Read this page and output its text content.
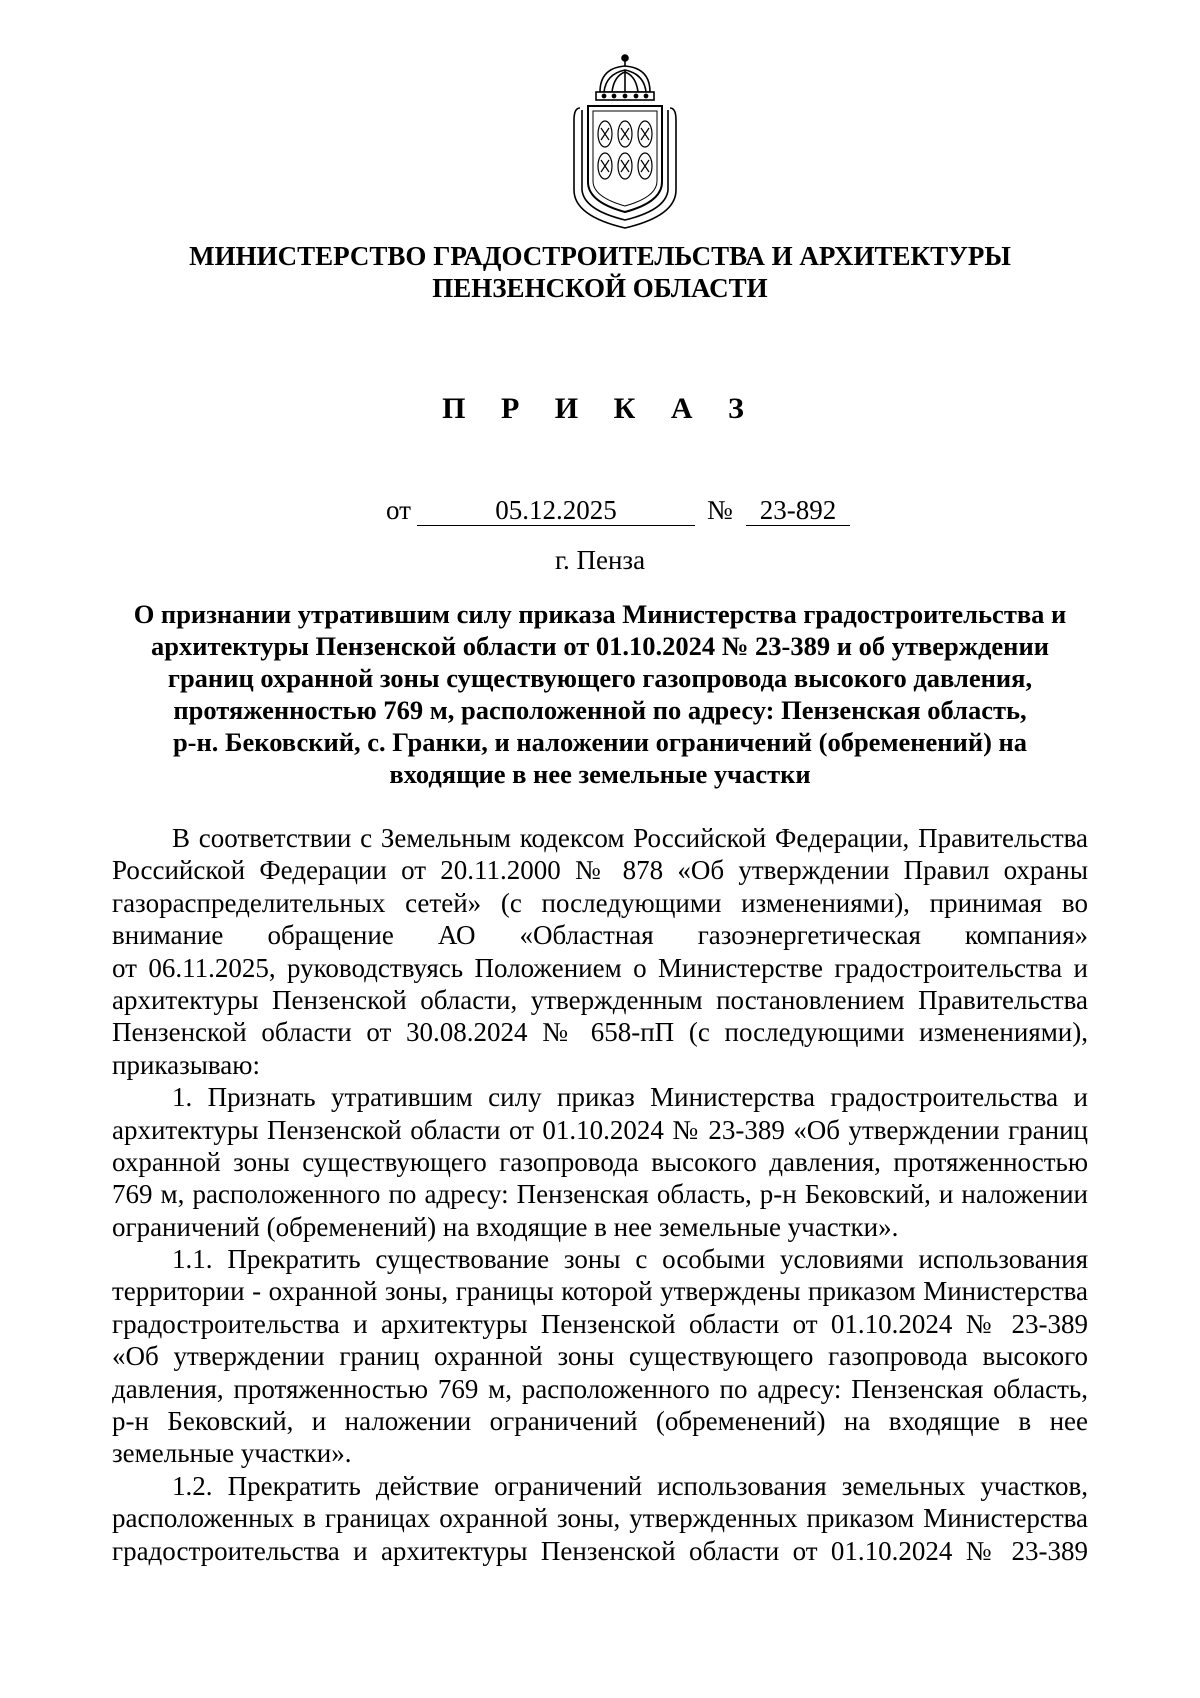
МИНИСТЕРСТВО ГРАДОСТРОИТЕЛЬСТВА И АРХИТЕКТУРЫ
ПЕНЗЕНСКОЙ ОБЛАСТИ
П Р И К А З
от	05.12.2025	№ 23-892
г. Пенза
О признании утратившим силу приказа Министерства градостроительства и
архитектуры Пензенской области от 01.10.2024 № 23-389 и об утверждении
границ охранной зоны существующего газопровода высокого давления,
протяженностью 769 м, расположенной по адресу: Пензенская область,
р-н. Бековский, с. Гранки, и наложении ограничений (обременений) на
входящие в нее земельные участки
В соответствии с Земельным кодексом Российской Федерации, Правительства
Российской Федерации от 20.11.2000 № 878 «Об утверждении Правил охраны
газораспределительных сетей» (с последующими изменениями), принимая во
внимание обращение АО «Областная газоэнергетическая компания»
от 06.11.2025, руководствуясь Положением о Министерстве градостроительства и
архитектуры Пензенской области, утвержденным постановлением Правительства
Пензенской области от 30.08.2024 № 658-пП (с последующими изменениями),
приказываю:
1. Признать утратившим силу приказ Министерства градостроительства и
архитектуры Пензенской области от 01.10.2024 № 23-389 «Об утверждении границ
охранной зоны существующего газопровода высокого давления, протяженностью
769 м, расположенного по адресу: Пензенская область, р-н Бековский, и наложении
ограничений (обременений) на входящие в нее земельные участки».
1.1. Прекратить существование зоны с особыми условиями использования
территории - охранной зоны, границы которой утверждены приказом Министерства
градостроительства и архитектуры Пензенской области от 01.10.2024 № 23-389
«Об утверждении границ охранной зоны существующего газопровода высокого
давления, протяженностью 769 м, расположенного по адресу: Пензенская область,
р-н Бековский, и наложении ограничений (обременений) на входящие в нее
земельные участки».
1.2. Прекратить действие ограничений использования земельных участков,
расположенных в границах охранной зоны, утвержденных приказом Министерства
градостроительства и архитектуры Пензенской области от 01.10.2024 № 23-389
